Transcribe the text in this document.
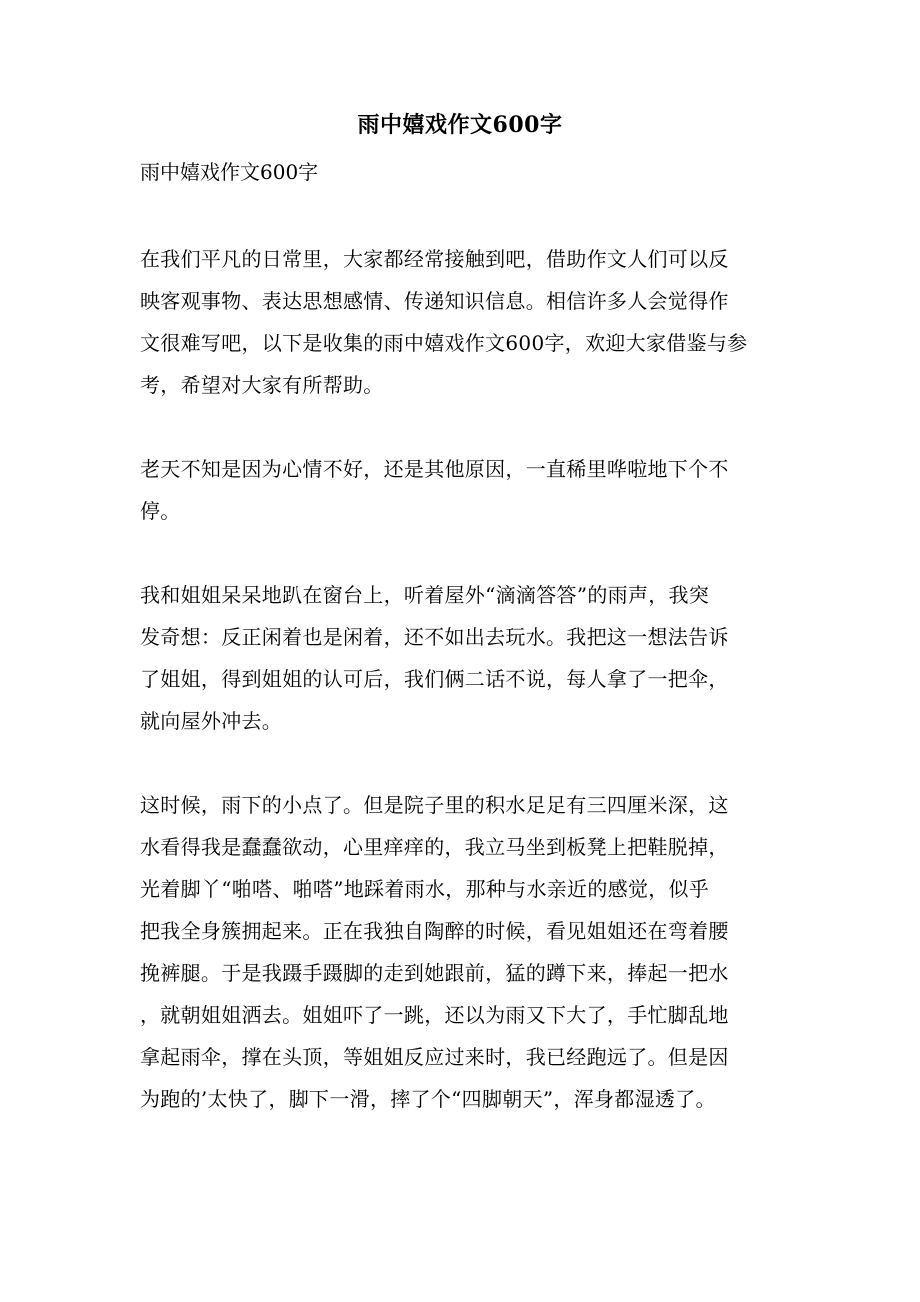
雨中嬉戏作文600字
雨中嬉戏作文600字
在我们平凡的日常里，大家都经常接触到吧，借助作文人们可以反
映客观事物、表达思想感情、传递知识信息。相信许多人会觉得作
文很难写吧，以下是收集的雨中嬉戏作文600字，欢迎大家借鉴与参
考，希望对大家有所帮助。
老天不知是因为心情不好，还是其他原因，一直稀里哗啦地下个不
停。
我和姐姐呆呆地趴在窗台上，听着屋外“滴滴答答”的雨声，我突
发奇想：反正闲着也是闲着，还不如出去玩水。我把这一想法告诉
了姐姐，得到姐姐的认可后，我们俩二话不说，每人拿了一把伞，
就向屋外冲去。
这时候，雨下的小点了。但是院子里的积水足足有三四厘米深，这
水看得我是蠢蠢欲动，心里痒痒的，我立马坐到板凳上把鞋脱掉，
光着脚丫“啪嗒、啪嗒”地踩着雨水，那种与水亲近的感觉，似乎
把我全身簇拥起来。正在我独自陶醉的时候，看见姐姐还在弯着腰
挽裤腿。于是我蹑手蹑脚的走到她跟前，猛的蹲下来，捧起一把水
，就朝姐姐洒去。姐姐吓了一跳，还以为雨又下大了，手忙脚乱地
拿起雨伞，撑在头顶，等姐姐反应过来时，我已经跑远了。但是因
为跑的’太快了，脚下一滑，摔了个“四脚朝天”，浑身都湿透了。
